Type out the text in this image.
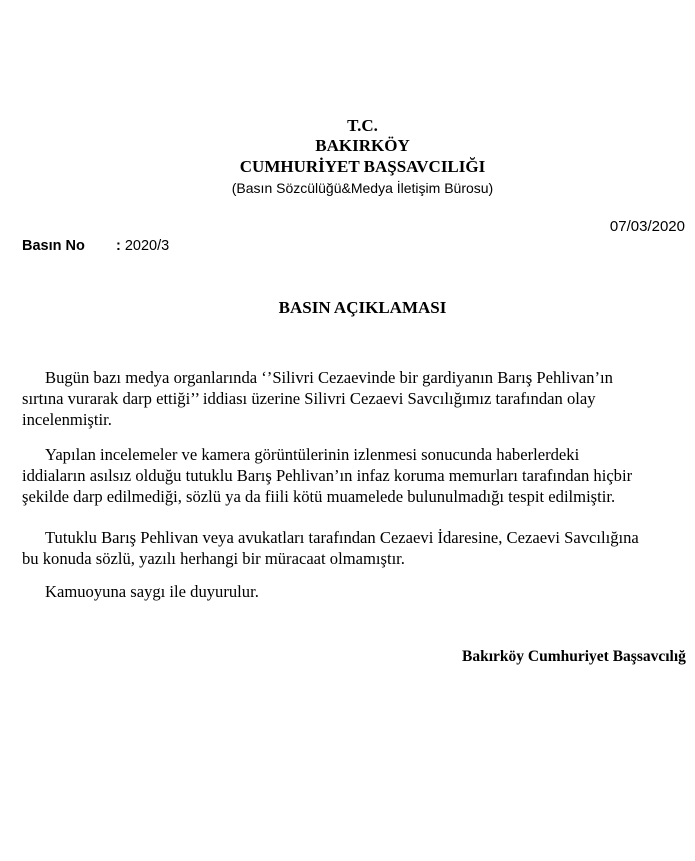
T.C.
BAKIRKÖY
CUMHURİYET BAŞSAVCILIĞI
(Basın Sözcülüğü&Medya İletişim Bürosu)
07/03/2020
Basın No : 2020/3
BASIN AÇIKLAMASI

Bugün bazı medya organlarında ‘’Silivri Cezaevinde bir gardiyanın Barış Pehlivan’ın
sırtına vurarak darp ettiği’’ iddiası üzerine Silivri Cezaevi Savcılığımız tarafından olay
incelenmiştir.

Yapılan incelemeler ve kamera görüntülerinin izlenmesi sonucunda haberlerdeki
iddiaların asılsız olduğu tutuklu Barış Pehlivan’ın infaz koruma memurları tarafından hiçbir
şekilde darp edilmediği, sözlü ya da fiili kötü muamelede bulunulmadığı tespit edilmiştir.

Tutuklu Barış Pehlivan veya avukatları tarafından Cezaevi İdaresine, Cezaevi Savcılığına
bu konuda sözlü, yazılı herhangi bir müracaat olmamıştır.

Kamuoyuna saygı ile duyurulur.

Bakırköy Cumhuriyet Başsavcılığ
